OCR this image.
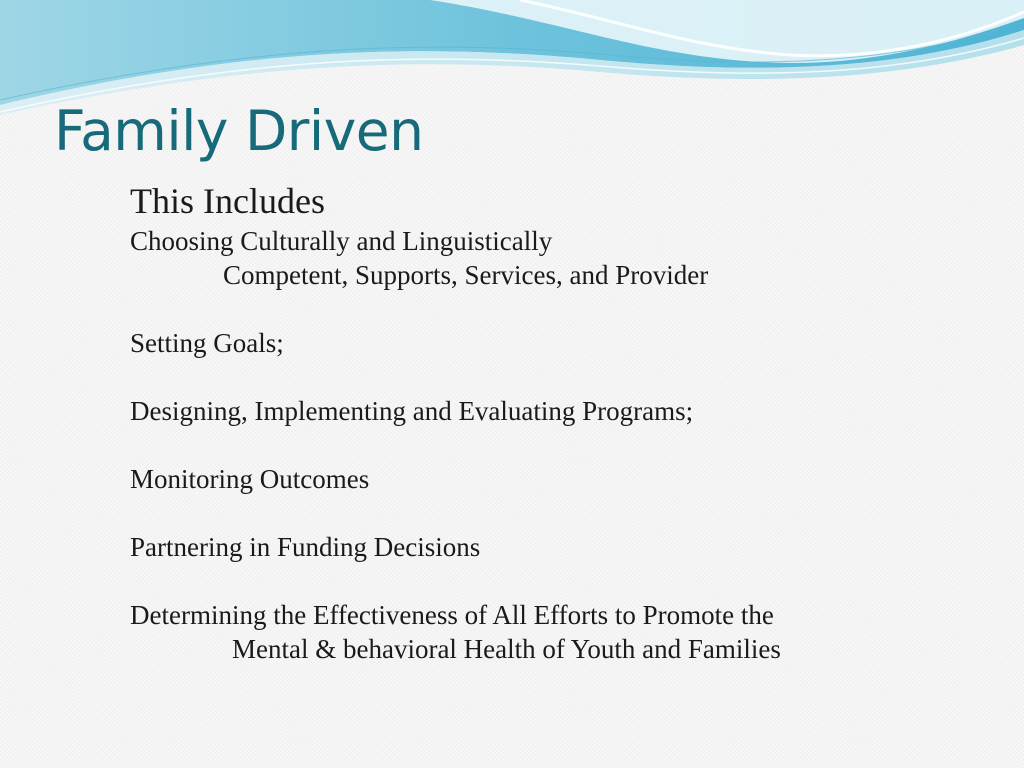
Family Driven
This Includes
Choosing Culturally and Linguistically
Competent, Supports, Services, and Provider
Setting Goals;
Designing, Implementing and Evaluating Programs;
Monitoring Outcomes
Partnering in Funding Decisions
Determining the Effectiveness of All Efforts to Promote the
Mental & behavioral Health of Youth and Families
